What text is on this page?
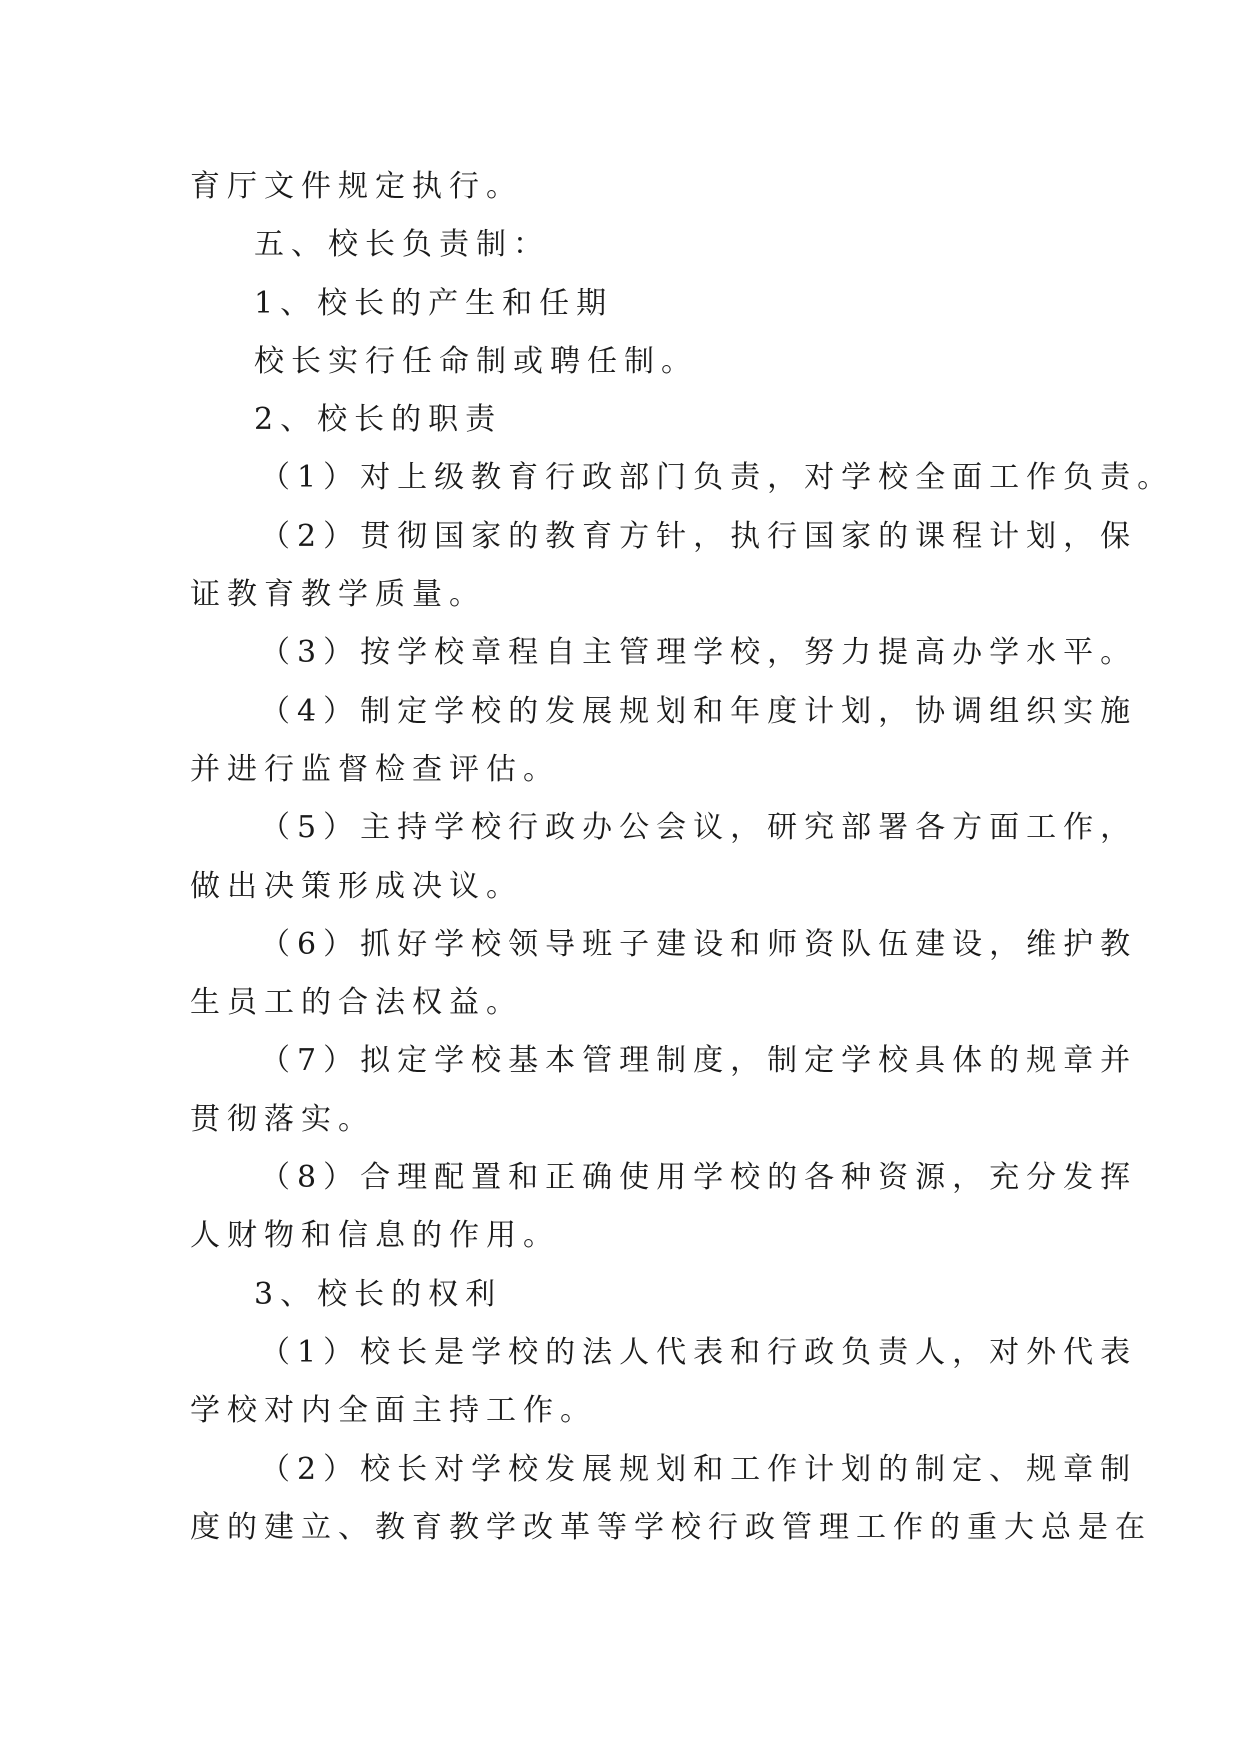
育厅文件规定执行。
五、校长负责制：
1、校长的产生和任期
校长实行任命制或聘任制。
2、校长的职责
（1）对上级教育行政部门负责，对学校全面工作负责。
（2）贯彻国家的教育方针，执行国家的课程计划，保
证教育教学质量。
（3）按学校章程自主管理学校，努力提高办学水平。
（4）制定学校的发展规划和年度计划，协调组织实施
并进行监督检查评估。
（5）主持学校行政办公会议，研究部署各方面工作，
做出决策形成决议。
（6）抓好学校领导班子建设和师资队伍建设，维护教
生员工的合法权益。
（7）拟定学校基本管理制度，制定学校具体的规章并
贯彻落实。
（8）合理配置和正确使用学校的各种资源，充分发挥
人财物和信息的作用。
3、校长的权利
（1）校长是学校的法人代表和行政负责人，对外代表
学校对内全面主持工作。
（2）校长对学校发展规划和工作计划的制定、规章制
度的建立、教育教学改革等学校行政管理工作的重大总是在
